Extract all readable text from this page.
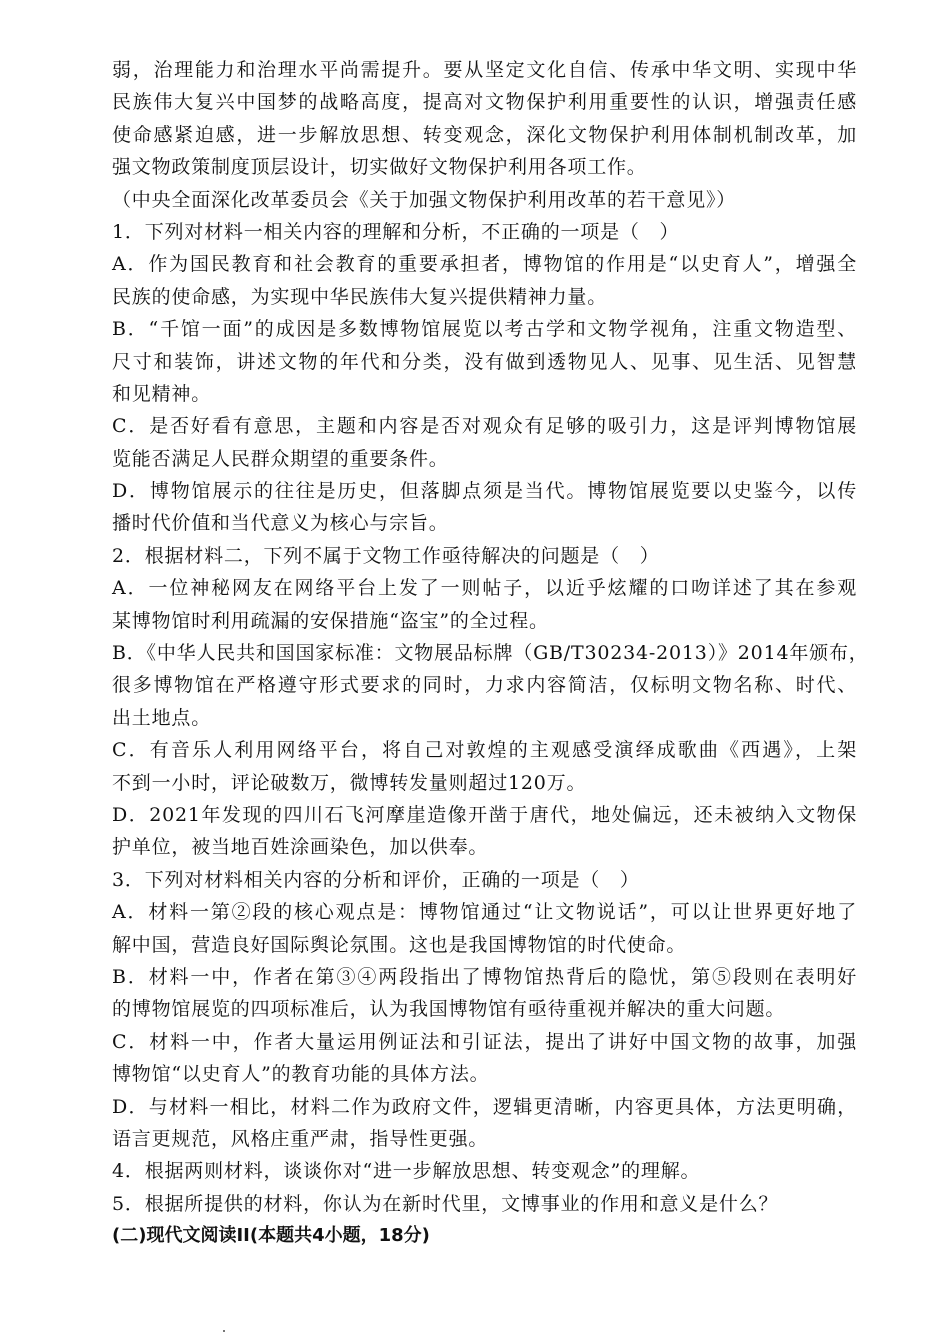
弱，治理能力和治理水平尚需提升。要从坚定文化自信、传承中华文明、实现中华
民族伟大复兴中国梦的战略高度，提高对文物保护利用重要性的认识，增强责任感
使命感紧迫感，进一步解放思想、转变观念，深化文物保护利用体制机制改革，加
强文物政策制度顶层设计，切实做好文物保护利用各项工作。
（中央全面深化改革委员会《关于加强文物保护利用改革的若干意见》）
1．下列对材料一相关内容的理解和分析，不正确的一项是（　）
A．作为国民教育和社会教育的重要承担者，博物馆的作用是“以史育人”，增强全
民族的使命感，为实现中华民族伟大复兴提供精神力量。
B．“千馆一面”的成因是多数博物馆展览以考古学和文物学视角，注重文物造型、
尺寸和装饰，讲述文物的年代和分类，没有做到透物见人、见事、见生活、见智慧
和见精神。
C．是否好看有意思，主题和内容是否对观众有足够的吸引力，这是评判博物馆展
览能否满足人民群众期望的重要条件。
D．博物馆展示的往往是历史，但落脚点须是当代。博物馆展览要以史鉴今，以传
播时代价值和当代意义为核心与宗旨。
2．根据材料二，下列不属于文物工作亟待解决的问题是（　）
A．一位神秘网友在网络平台上发了一则帖子，以近乎炫耀的口吻详述了其在参观
某博物馆时利用疏漏的安保措施“盗宝”的全过程。
B．《中华人民共和国国家标准：文物展品标牌（GB/T30234-2013）》2014年颁布，
很多博物馆在严格遵守形式要求的同时，力求内容简洁，仅标明文物名称、时代、
出土地点。
C．有音乐人利用网络平台，将自己对敦煌的主观感受演绎成歌曲《西遇》，上架
不到一小时，评论破数万，微博转发量则超过120万。
D．2021年发现的四川石飞河摩崖造像开凿于唐代，地处偏远，还未被纳入文物保
护单位，被当地百姓涂画染色，加以供奉。
3．下列对材料相关内容的分析和评价，正确的一项是（　）
A．材料一第②段的核心观点是：博物馆通过“让文物说话”，可以让世界更好地了
解中国，营造良好国际舆论氛围。这也是我国博物馆的时代使命。
B．材料一中，作者在第③④两段指出了博物馆热背后的隐忧，第⑤段则在表明好
的博物馆展览的四项标准后，认为我国博物馆有亟待重视并解决的重大问题。
C．材料一中，作者大量运用例证法和引证法，提出了讲好中国文物的故事，加强
博物馆“以史育人”的教育功能的具体方法。
D．与材料一相比，材料二作为政府文件，逻辑更清晰，内容更具体，方法更明确，
语言更规范，风格庄重严肃，指导性更强。
4．根据两则材料，谈谈你对“进一步解放思想、转变观念”的理解。
5．根据所提供的材料，你认为在新时代里，文博事业的作用和意义是什么？
(二)现代文阅读II(本题共4小题，18分)
